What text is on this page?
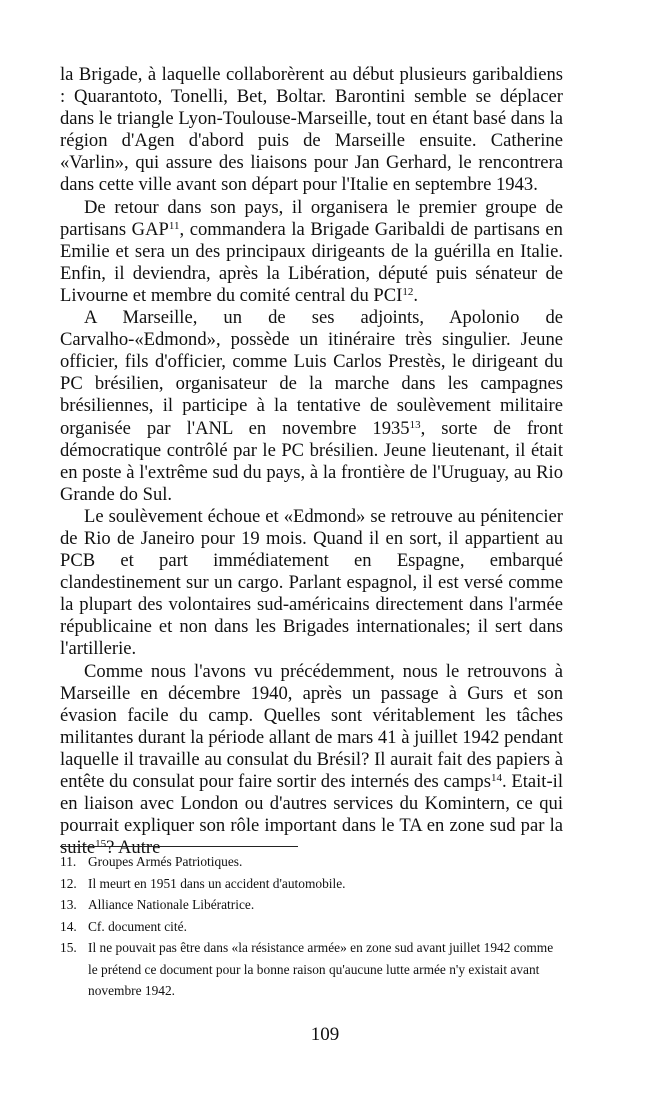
la Brigade, à laquelle collaborèrent au début plusieurs garibaldiens : Quarantoto, Tonelli, Bet, Boltar. Barontini semble se déplacer dans le triangle Lyon-Toulouse-Marseille, tout en étant basé dans la région d'Agen d'abord puis de Marseille ensuite. Catherine «Varlin», qui assure des liaisons pour Jan Gerhard, le rencontrera dans cette ville avant son départ pour l'Italie en septembre 1943.

De retour dans son pays, il organisera le premier groupe de partisans GAP$^{11}$, commandera la Brigade Garibaldi de partisans en Emilie et sera un des principaux dirigeants de la guérilla en Italie. Enfin, il deviendra, après la Libération, député puis sénateur de Livourne et membre du comité central du PCI$^{12}$.

A Marseille, un de ses adjoints, Apolonio de Carvalho-«Edmond», possède un itinéraire très singulier. Jeune officier, fils d'officier, comme Luis Carlos Prestès, le dirigeant du PC brésilien, organisateur de la marche dans les campagnes brésiliennes, il participe à la tentative de soulèvement militaire organisée par l'ANL en novembre 1935$^{13}$, sorte de front démocratique contrôlé par le PC brésilien. Jeune lieutenant, il était en poste à l'extrême sud du pays, à la frontière de l'Uruguay, au Rio Grande do Sul.

Le soulèvement échoue et «Edmond» se retrouve au pénitencier de Rio de Janeiro pour 19 mois. Quand il en sort, il appartient au PCB et part immédiatement en Espagne, embarqué clandestinement sur un cargo. Parlant espagnol, il est versé comme la plupart des volontaires sud-américains directement dans l'armée républicaine et non dans les Brigades internationales; il sert dans l'artillerie.

Comme nous l'avons vu précédemment, nous le retrouvons à Marseille en décembre 1940, après un passage à Gurs et son évasion facile du camp. Quelles sont véritablement les tâches militantes durant la période allant de mars 41 à juillet 1942 pendant laquelle il travaille au consulat du Brésil? Il aurait fait des papiers à entête du consulat pour faire sortir des internés des camps$^{14}$. Etait-il en liaison avec London ou d'autres services du Komintern, ce qui pourrait expliquer son rôle important dans le TA en zone sud par la suite$^{15}$? Autre

11. Groupes Armés Patriotiques.
12. Il meurt en 1951 dans un accident d'automobile.
13. Alliance Nationale Libératrice.
14. Cf. document cité.
15. Il ne pouvait pas être dans «la résistance armée» en zone sud avant juillet 1942 comme le prétend ce document pour la bonne raison qu'aucune lutte armée n'y existait avant novembre 1942.
109
